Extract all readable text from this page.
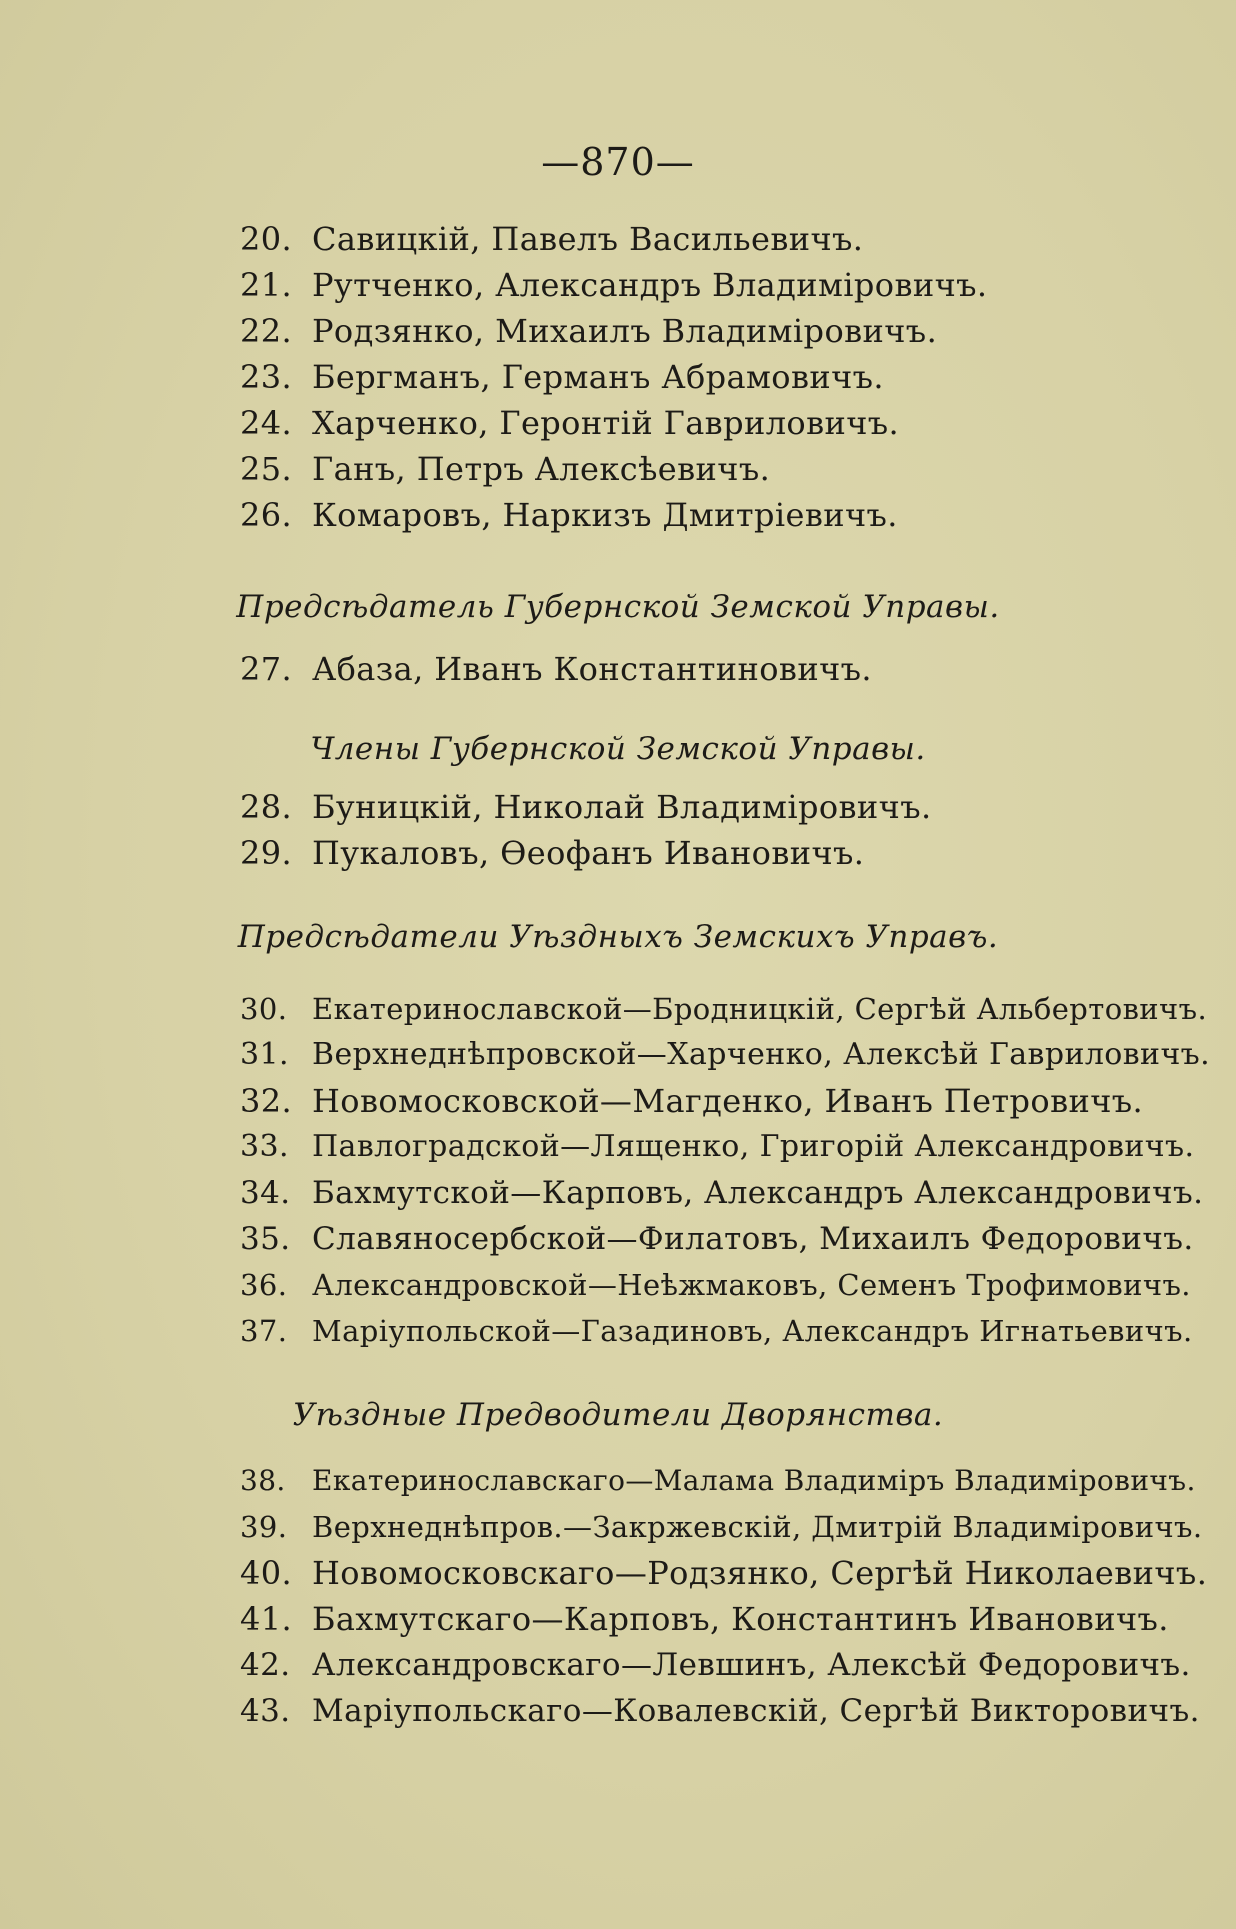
—870—
20. Савицкій, Павелъ Васильевичъ.
21. Рутченко, Александръ Владиміровичъ.
22. Родзянко, Михаилъ Владиміровичъ.
23. Бергманъ, Германъ Абрамовичъ.
24. Харченко, Геронтій Гавриловичъ.
25. Ганъ, Петръ Алексѣевичъ.
26. Комаровъ, Наркизъ Дмитріевичъ.
Предсѣдатель Губернской Земской Управы.
27. Абаза, Иванъ Константиновичъ.
Члены Губернской Земской Управы.
28. Буницкій, Николай Владиміровичъ.
29. Пукаловъ, Өеофанъ Ивановичъ.
Предсѣдатели Уѣздныхъ Земскихъ Управъ.
30. Екатеринославской—Бродницкій, Сергѣй Альбертовичъ.
31. Верхнеднѣпровской—Харченко, Алексѣй Гавриловичъ.
32. Новомосковской—Магденко, Иванъ Петровичъ.
33. Павлоградской—Лященко, Григорій Александровичъ.
34. Бахмутской—Карповъ, Александръ Александровичъ.
35. Славяносербской—Филатовъ, Михаилъ Федоровичъ.
36. Александровской—Неѣжмаковъ, Семенъ Трофимовичъ.
37. Маріупольской—Газадиновъ, Александръ Игнатьевичъ.
Уѣздные Предводители Дворянства.
38. Екатеринославскаго—Малама Владиміръ Владиміровичъ.
39. Верхнеднѣпров.—Закржевскій, Дмитрій Владиміровичъ.
40. Новомосковскаго—Родзянко, Сергѣй Николаевичъ.
41. Бахмутскаго—Карповъ, Константинъ Ивановичъ.
42. Александровскаго—Левшинъ, Алексѣй Федоровичъ.
43. Маріупольскаго—Ковалевскій, Сергѣй Викторовичъ.
